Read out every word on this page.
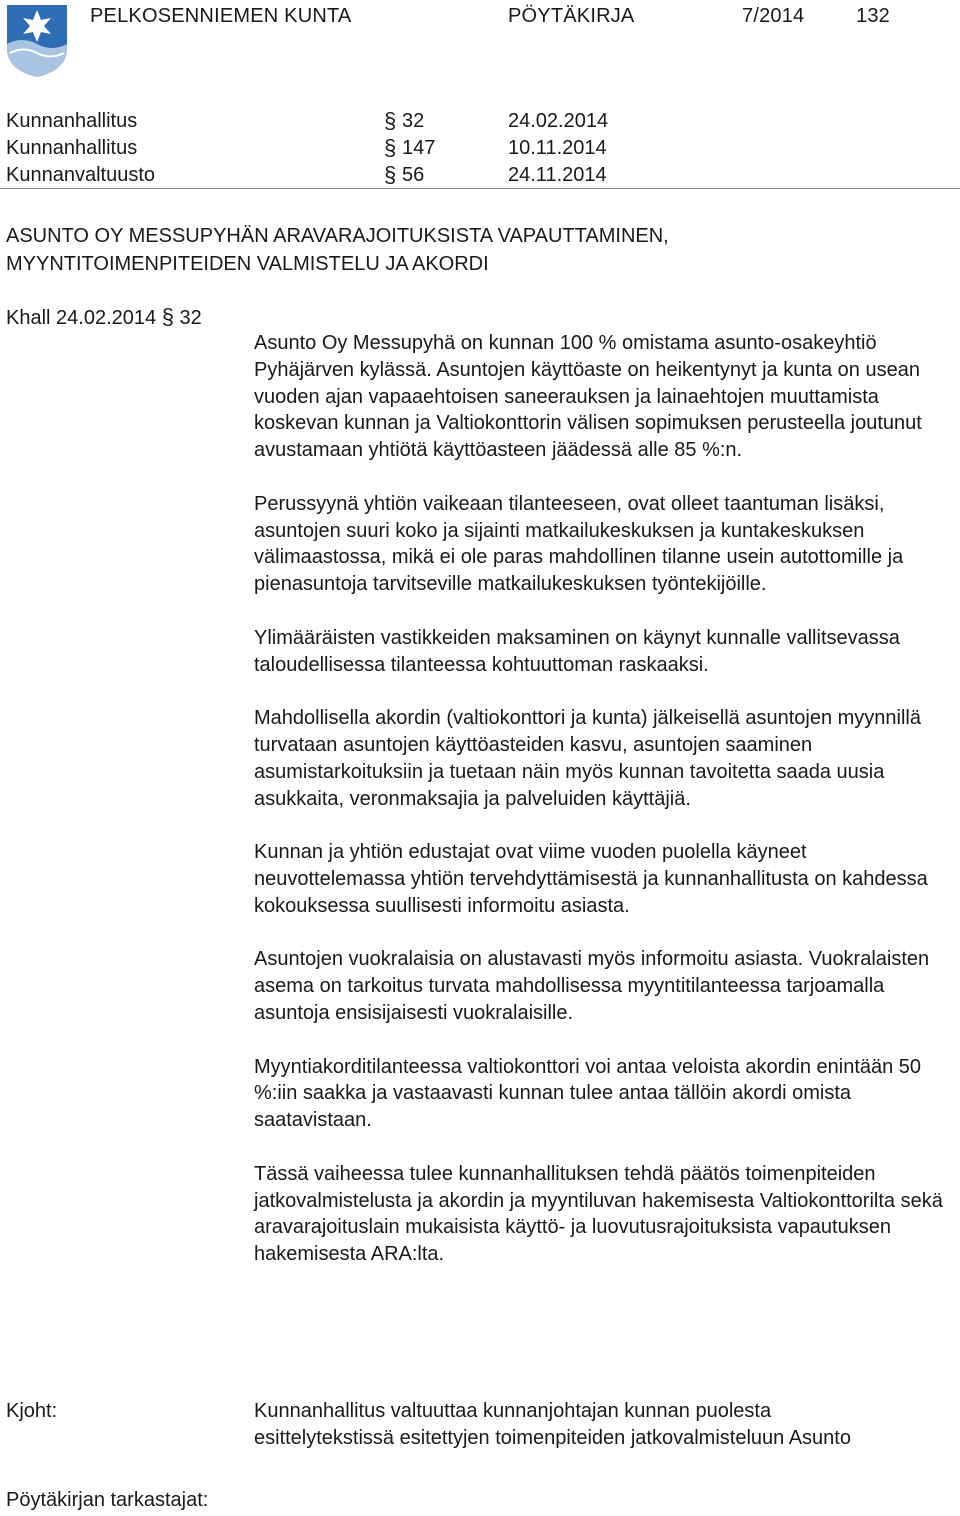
PELKOSENNIEMEN KUNTA	PÖYTÄKIRJA	7/2014	132
Kunnanhallitus	§ 32	24.02.2014
Kunnanhallitus	§ 147	10.11.2014
Kunnanvaltuusto	§ 56	24.11.2014
ASUNTO OY MESSUPYHÄN ARAVARAJOITUKSISTA VAPAUTTAMINEN,
MYYNTITOIMENPITEIDEN VALMISTELU JA AKORDI
Khall 24.02.2014 § 32

Asunto Oy Messupyhä on kunnan 100 % omistama asunto-osakeyhtiö Pyhäjärven kylässä. Asuntojen käyttöaste on heikentynyt ja kunta on usean vuoden ajan vapaaehtoisen saneerauksen ja lainaehtojen muuttamista koskevan kunnan ja Valtiokonttorin välisen sopimuksen perusteella joutunut avustamaan yhtiötä käyttöasteen jäädessä alle 85 %:n.

Perussyynä yhtiön vaikeaan tilanteeseen, ovat olleet taantuman lisäksi, asuntojen suuri koko ja sijainti matkailukeskuksen ja kuntakeskuksen välimaastossa, mikä ei ole paras mahdollinen tilanne usein autottomille ja pienasuntoja tarvitseville matkailukeskuksen työntekijöille.

Ylimääräisten vastikkeiden maksaminen on käynyt kunnalle vallitsevassa taloudellisessa tilanteessa kohtuuttoman raskaaksi.

Mahdollisella akordin (valtiokonttori ja kunta) jälkeisellä asuntojen myynnillä turvataan asuntojen käyttöasteiden kasvu, asuntojen saaminen asumistarkoituksiin ja tuetaan näin myös kunnan tavoitetta saada uusia asukkaita, veronmaksajia ja palveluiden käyttäjiä.

Kunnan ja yhtiön edustajat ovat viime vuoden puolella käyneet neuvottelemassa yhtiön tervehdyttämisestä ja kunnanhallitusta on kahdessa kokouksessa suullisesti informoitu asiasta.

Asuntojen vuokralaisia on alustavasti myös informoitu asiasta. Vuokralaisten asema on tarkoitus turvata mahdollisessa myyntitilanteessa tarjoamalla asuntoja ensisijaisesti vuokralaisille.

Myyntiakorditilanteessa valtiokonttori voi antaa veloista akordin enintään 50 %:iin saakka ja vastaavasti kunnan tulee antaa tällöin akordi omista saatavistaan.

Tässä vaiheessa tulee kunnanhallituksen tehdä päätös toimenpiteiden jatkovalmistelusta ja akordin ja myyntiluvan hakemisesta Valtiokonttorilta sekä aravarajoituslain mukaisista käyttö- ja luovutusrajoituksista vapautuksen hakemisesta ARA:lta.

Kjoht:	Kunnanhallitus valtuuttaa kunnanjohtajan kunnan puolesta
esittelytekstissä esitettyjen toimenpiteiden jatkovalmisteluun Asunto
Pöytäkirjan tarkastajat:
